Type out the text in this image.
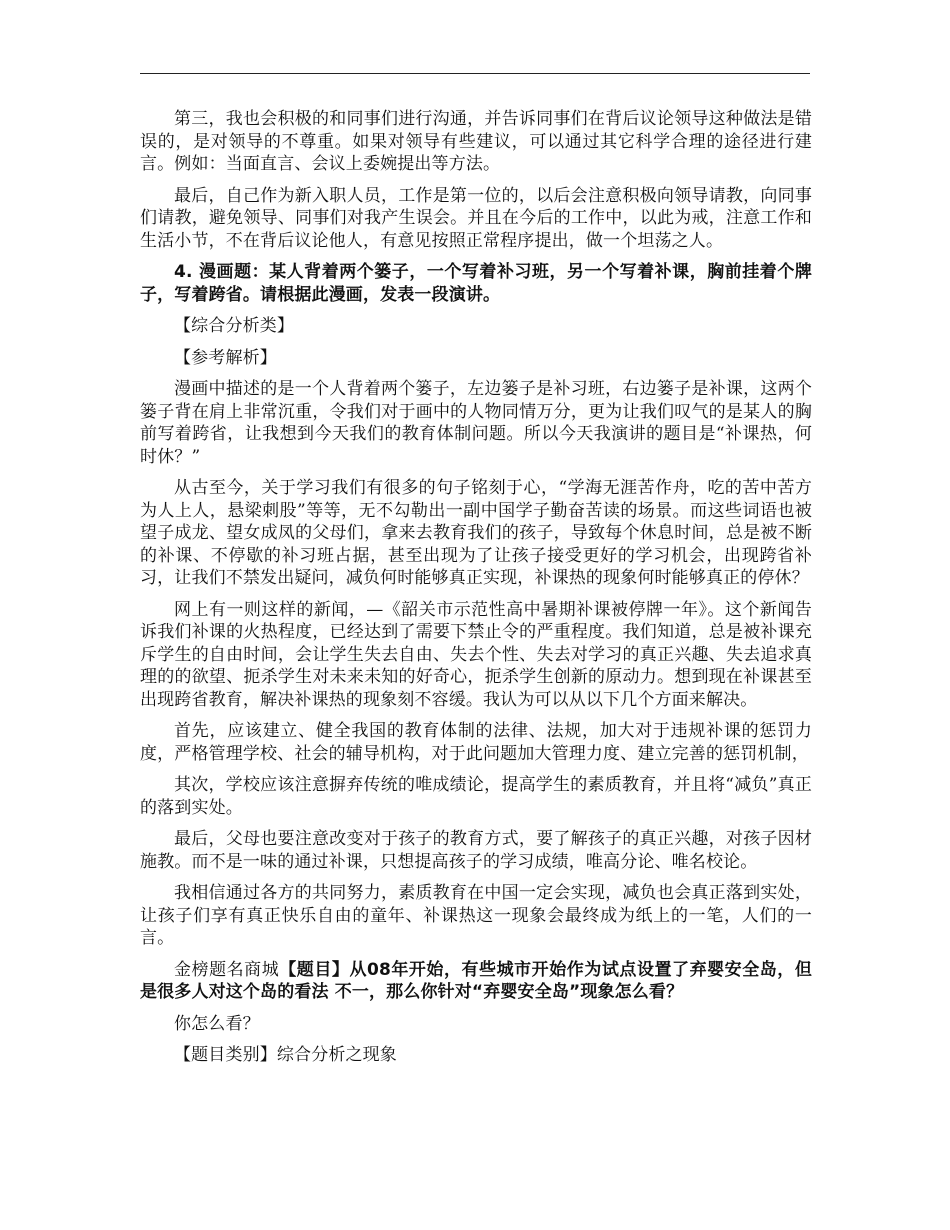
第三，我也会积极的和同事们进行沟通，并告诉同事们在背后议论领导这种做法是错误的，是对领导的不尊重。如果对领导有些建议，可以通过其它科学合理的途径进行建言。例如：当面直言、会议上委婉提出等方法。

最后，自己作为新入职人员，工作是第一位的，以后会注意积极向领导请教，向同事们请教，避免领导、同事们对我产生误会。并且在今后的工作中，以此为戒，注意工作和生活小节，不在背后议论他人，有意见按照正常程序提出，做一个坦荡之人。

4. 漫画题：某人背着两个篓子，一个写着补习班，另一个写着补课，胸前挂着个牌子，写着跨省。请根据此漫画，发表一段演讲。

【综合分析类】

【参考解析】

漫画中描述的是一个人背着两个篓子，左边篓子是补习班，右边篓子是补课，这两个篓子背在肩上非常沉重，令我们对于画中的人物同情万分，更为让我们叹气的是某人的胸前写着跨省，让我想到今天我们的教育体制问题。所以今天我演讲的题目是“补课热，何时休？”

从古至今，关于学习我们有很多的句子铭刻于心，“学海无涯苦作舟，吃的苦中苦方为人上人，悬梁刺股”等等，无不勾勒出一副中国学子勤奋苦读的场景。而这些词语也被望子成龙、望女成凤的父母们，拿来去教育我们的孩子，导致每个休息时间，总是被不断的补课、不停歇的补习班占据，甚至出现为了让孩子接受更好的学习机会，出现跨省补习，让我们不禁发出疑问，减负何时能够真正实现，补课热的现象何时能够真正的停休？

网上有一则这样的新闻，—《韶关市示范性高中暑期补课被停牌一年》。这个新闻告诉我们补课的火热程度，已经达到了需要下禁止令的严重程度。我们知道，总是被补课充斥学生的自由时间，会让学生失去自由、失去个性、失去对学习的真正兴趣、失去追求真理的的欲望、扼杀学生对未来未知的好奇心，扼杀学生创新的原动力。想到现在补课甚至出现跨省教育，解决补课热的现象刻不容缓。我认为可以从以下几个方面来解决。

首先，应该建立、健全我国的教育体制的法律、法规，加大对于违规补课的惩罚力度，严格管理学校、社会的辅导机构，对于此问题加大管理力度、建立完善的惩罚机制，

其次，学校应该注意摒弃传统的唯成绩论，提高学生的素质教育，并且将“减负”真正的落到实处。

最后，父母也要注意改变对于孩子的教育方式，要了解孩子的真正兴趣，对孩子因材施教。而不是一味的通过补课，只想提高孩子的学习成绩，唯高分论、唯名校论。

我相信通过各方的共同努力，素质教育在中国一定会实现，减负也会真正落到实处，让孩子们享有真正快乐自由的童年、补课热这一现象会最终成为纸上的一笔，人们的一言。

金榜题名商城【题目】从08年开始，有些城市开始作为试点设置了弃婴安全岛，但是很多人对这个岛的看法 不一，那么你针对“弃婴安全岛”现象怎么看？

你怎么看？

【题目类别】综合分析之现象
